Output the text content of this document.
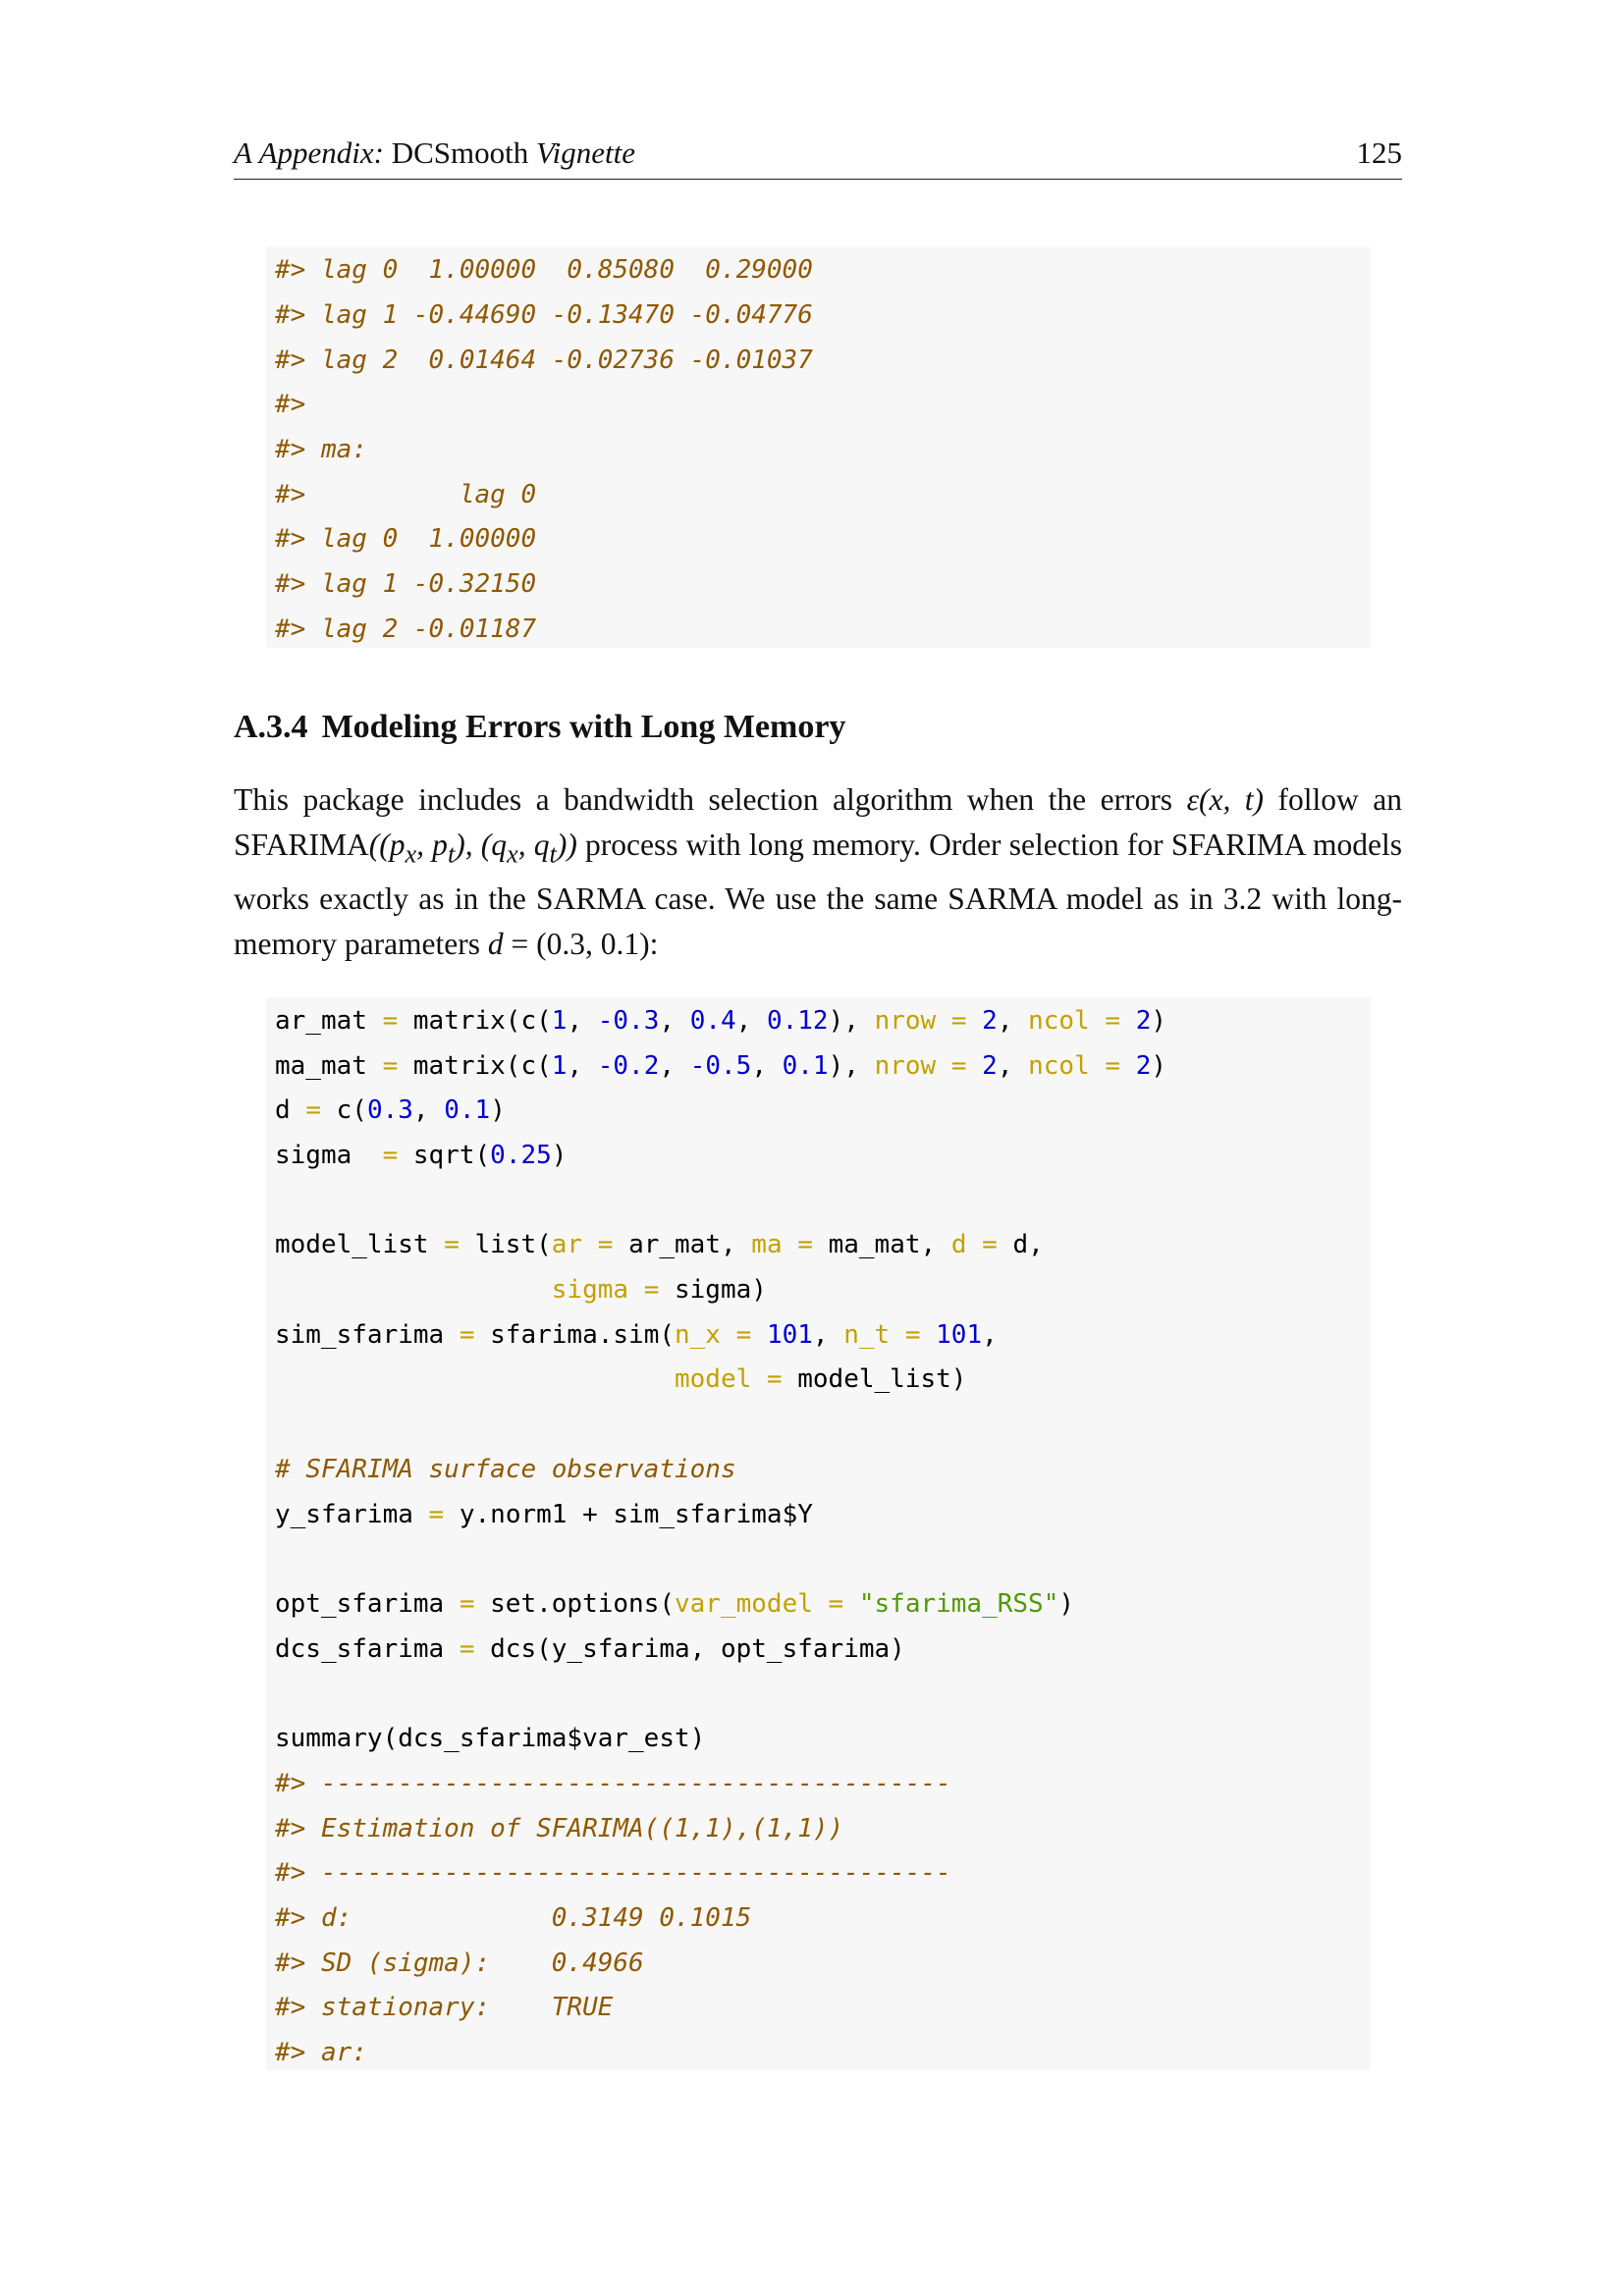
A Appendix: DCSmooth Vignette	125
#> lag 0  1.00000  0.85080  0.29000
#> lag 1 -0.44690 -0.13470 -0.04776
#> lag 2  0.01464 -0.02736 -0.01037
#>
#> ma:
#>          lag 0
#> lag 0  1.00000
#> lag 1 -0.32150
#> lag 2 -0.01187
A.3.4 Modeling Errors with Long Memory
This package includes a bandwidth selection algorithm when the errors ε(x, t) follow an $SFARIMA((p_x$, $p_t$), ($q_x$, $q_t$)) process with long memory. Order selection for SFARIMA models works exactly as in the SARMA case. We use the same SARMA model as in 3.2 with long-memory parameters d = (0.3, 0.1):
ar_mat = matrix(c(1, -0.3, 0.4, 0.12), nrow = 2, ncol = 2)
ma_mat = matrix(c(1, -0.2, -0.5, 0.1), nrow = 2, ncol = 2)
d = c(0.3, 0.1)
sigma  = sqrt(0.25)
model_list = list(ar = ar_mat, ma = ma_mat, d = d,
sigma = sigma)
sim_sfarima = sfarima.sim(n_x = 101, n_t = 101,
model = model_list)
# SFARIMA surface observations
y_sfarima = y.norm1 + sim_sfarima$Y
opt_sfarima = set.options(var_model = "sfarima_RSS")
dcs_sfarima = dcs(y_sfarima, opt_sfarima)
summary(dcs_sfarima$var_est)
#> -----------------------------------------
#> Estimation of SFARIMA((1,1),(1,1))
#> -----------------------------------------
#> d:             0.3149 0.1015
#> SD (sigma):    0.4966
#> stationary:    TRUE
#> ar:
